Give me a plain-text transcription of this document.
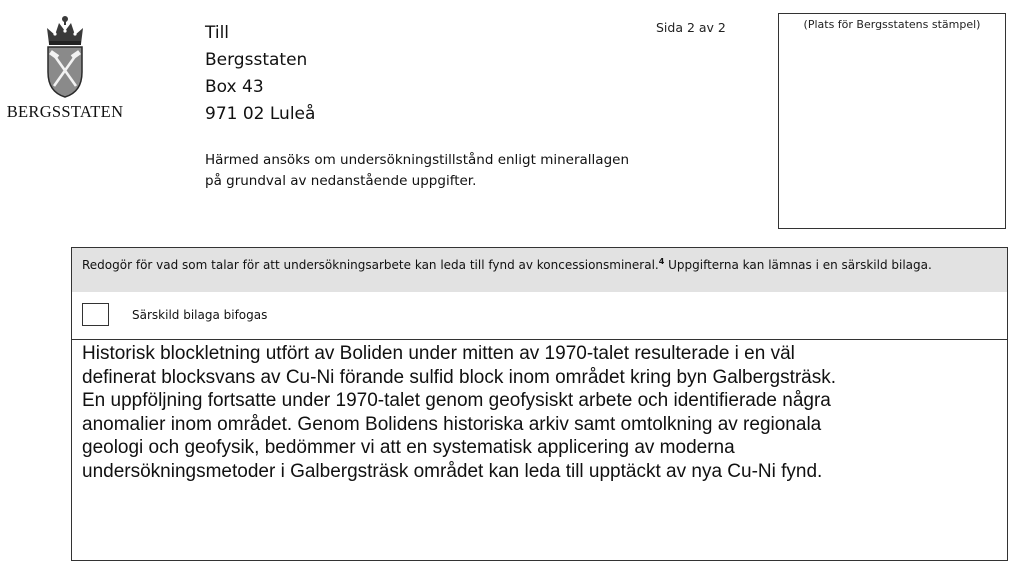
BERGSSTATEN
Till
Bergsstaten
Box 43
971 02 Luleå
Sida 2 av 2	(Plats för Bergsstatens stämpel)
Härmed ansöks om undersökningstillstånd enligt minerallagen
på grundval av nedanstående uppgifter.
Redogör för vad som talar för att undersökningsarbete kan leda till fynd av koncessionsmineral.$^4$ Uppgifterna kan lämnas i en särskild bilaga.
Särskild bilaga bifogas
Historisk blockletning utfört av Boliden under mitten av 1970-talet resulterade i en väl
definerat blocksvans av Cu-Ni förande sulfid block inom området kring byn Galbergsträsk.
En uppföljning fortsatte under 1970-talet genom geofysiskt arbete och identifierade några
anomalier inom området. Genom Bolidens historiska arkiv samt omtolkning av regionala
geologi och geofysik, bedömmer vi att en systematisk applicering av moderna
undersökningsmetoder i Galbergsträsk området kan leda till upptäckt av nya Cu-Ni fynd.
